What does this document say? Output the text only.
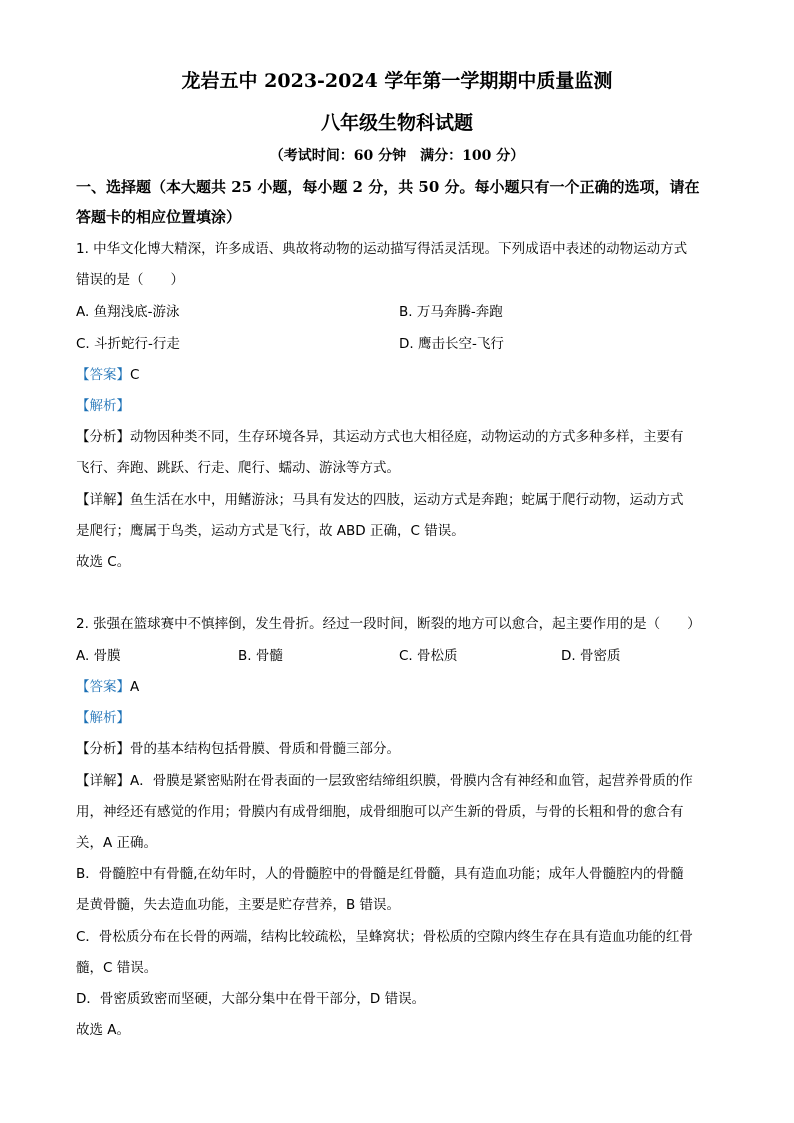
龙岩五中 2023-2024 学年第一学期期中质量监测
八年级生物科试题
（考试时间：60 分钟　满分：100 分）
一、选择题（本大题共 25 小题，每小题 2 分，共 50 分。每小题只有一个正确的选项，请在
答题卡的相应位置填涂）
1. 中华文化博大精深，许多成语、典故将动物的运动描写得活灵活现。下列成语中表述的动物运动方式
错误的是（　　）
A. 鱼翔浅底-游泳	B. 万马奔腾-奔跑
C. 斗折蛇行-行走	D. 鹰击长空-飞行
【答案】C
【解析】
【分析】动物因种类不同，生存环境各异，其运动方式也大相径庭，动物运动的方式多种多样，主要有
飞行、奔跑、跳跃、行走、爬行、蠕动、游泳等方式。
【详解】鱼生活在水中，用鳍游泳；马具有发达的四肢，运动方式是奔跑；蛇属于爬行动物，运动方式
是爬行；鹰属于鸟类，运动方式是飞行，故 ABD 正确，C 错误。
故选 C。
2. 张强在篮球赛中不慎摔倒，发生骨折。经过一段时间，断裂的地方可以愈合，起主要作用的是（　　）
A. 骨膜	B. 骨髓	C. 骨松质	D. 骨密质
【答案】A
【解析】
【分析】骨的基本结构包括骨膜、骨质和骨髓三部分。
【详解】A．骨膜是紧密贴附在骨表面的一层致密结缔组织膜，骨膜内含有神经和血管，起营养骨质的作
用，神经还有感觉的作用；骨膜内有成骨细胞，成骨细胞可以产生新的骨质，与骨的长粗和骨的愈合有
关，A 正确。
B．骨髓腔中有骨髓,在幼年时，人的骨髓腔中的骨髓是红骨髓，具有造血功能；成年人骨髓腔内的骨髓
是黄骨髓，失去造血功能，主要是贮存营养，B 错误。
C．骨松质分布在长骨的两端，结构比较疏松，呈蜂窝状；骨松质的空隙内终生存在具有造血功能的红骨
髓，C 错误。
D．骨密质致密而坚硬，大部分集中在骨干部分，D 错误。
故选 A。
